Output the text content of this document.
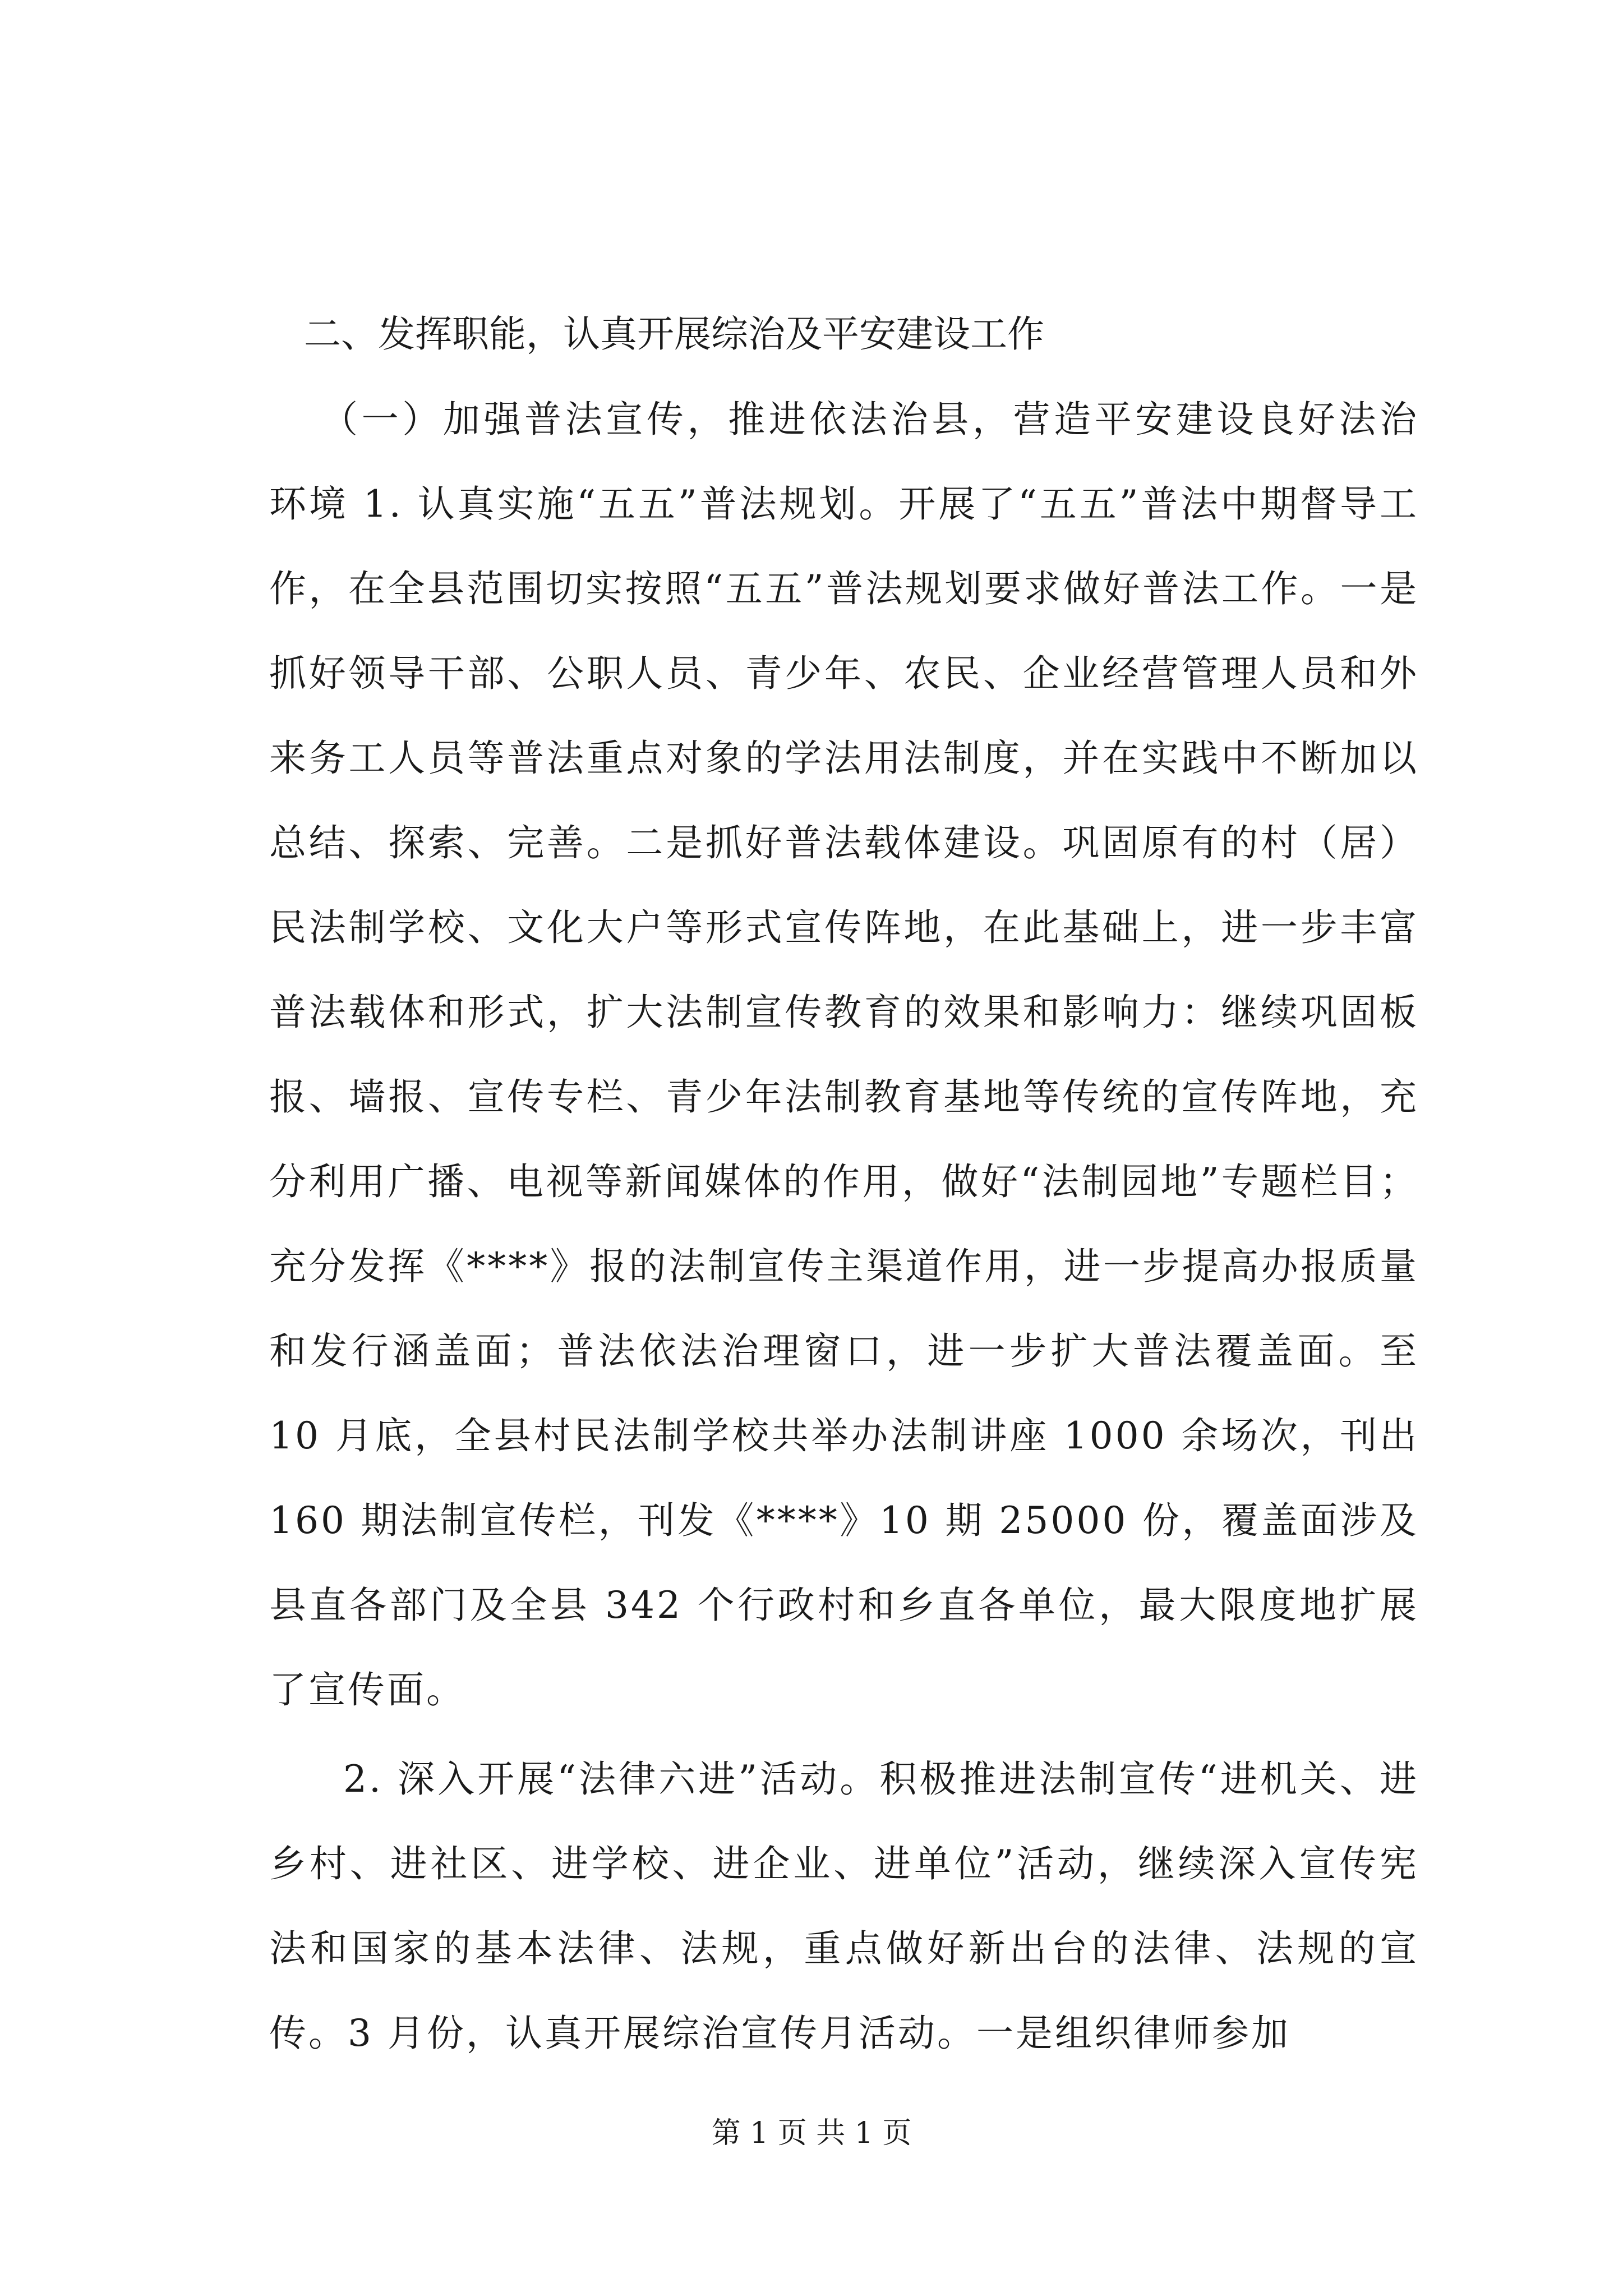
二、发挥职能，认真开展综治及平安建设工作

（一）加强普法宣传，推进依法治县，营造平安建设良好法治环境 1. 认真实施“五五”普法规划。开展了“五五”普法中期督导工作，在全县范围切实按照“五五”普法规划要求做好普法工作。一是抓好领导干部、公职人员、青少年、农民、企业经营管理人员和外来务工人员等普法重点对象的学法用法制度，并在实践中不断加以总结、探索、完善。二是抓好普法载体建设。巩固原有的村（居）民法制学校、文化大户等形式宣传阵地，在此基础上，进一步丰富普法载体和形式，扩大法制宣传教育的效果和影响力：继续巩固板报、墙报、宣传专栏、青少年法制教育基地等传统的宣传阵地，充分利用广播、电视等新闻媒体的作用，做好“法制园地”专题栏目；充分发挥《****》报的法制宣传主渠道作用，进一步提高办报质量和发行涵盖面；普法依法治理窗口，进一步扩大普法覆盖面。至 10 月底，全县村民法制学校共举办法制讲座 1000 余场次，刊出 160 期法制宣传栏，刊发《****》10 期 25000 份，覆盖面涉及县直各部门及全县 342 个行政村和乡直各单位，最大限度地扩展了宣传面。

2. 深入开展“法律六进”活动。积极推进法制宣传“进机关、进乡村、进社区、进学校、进企业、进单位”活动，继续深入宣传宪法和国家的基本法律、法规，重点做好新出台的法律、法规的宣传。3 月份，认真开展综治宣传月活动。一是组织律师参加

第 1 页 共 1 页
